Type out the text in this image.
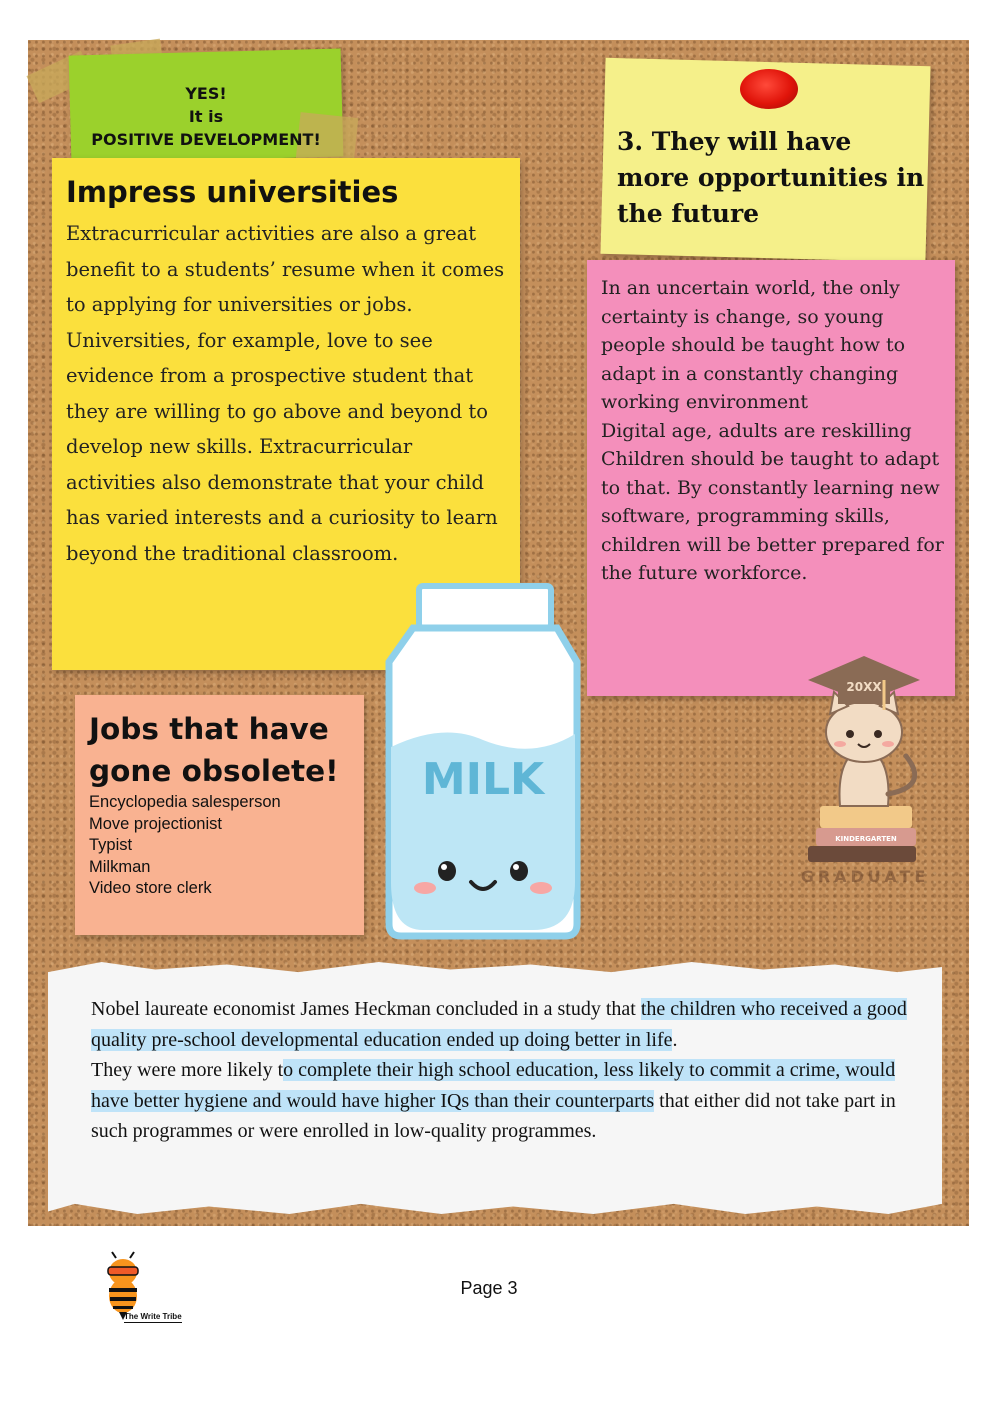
YES!
It is
POSITIVE DEVELOPMENT!
Impress universities

Extracurricular activities are also a great benefit to a students’ resume when it comes to applying for universities or jobs. Universities, for example, love to see evidence from a prospective student that they are willing to go above and beyond to develop new skills. Extracurricular activities also demonstrate that your child has varied interests and a curiosity to learn beyond the traditional classroom.

3. They will have more opportunities in the future
In an uncertain world, the only certainty is change, so young people should be taught how to adapt in a constantly changing working environment
Digital age, adults are reskilling
Children should be taught to adapt to that. By constantly learning new software, programming skills, children will be better prepared for the future workforce.
Jobs that have
gone obsolete!
Encyclopedia salesperson
Move projectionist
Typist
Milkman
Video store clerk
MILK
KINDERGARTEN
20XX
GRADUATE
Nobel laureate economist James Heckman concluded in a study that the children who received a good quality pre-school developmental education ended up doing better in life.
They were more likely to complete their high school education, less likely to commit a crime, would have better hygiene and would have higher IQs than their counterparts that either did not take part in such programmes or were enrolled in low-quality programmes.
The Write Tribe
Page 3
